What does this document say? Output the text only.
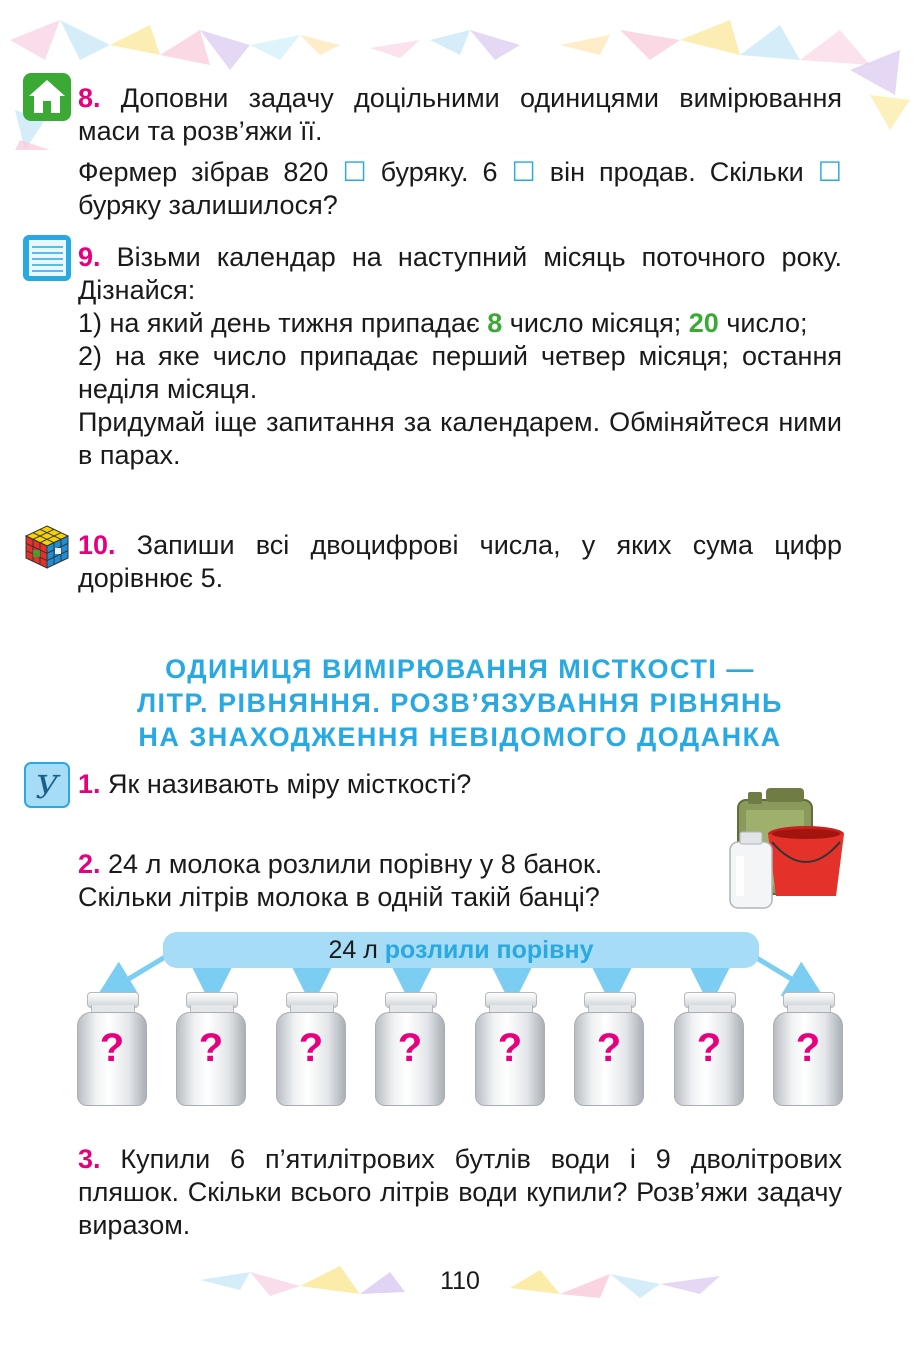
8. Доповни задачу доцільними одиницями вимірювання маси та розв’яжи її.

Фермер зібрав 820 ☐ буряку. 6 ☐ він продав. Скільки ☐ буряку залишилося?

9. Візьми календар на наступний місяць поточного року. Дізнайся:

1) на який день тижня припадає 8 число місяця; 20 число;

2) на яке число припадає перший четвер місяця; остання неділя місяця.

Придумай іще запитання за календарем. Обміняйтеся ними в парах.

10. Запиши всі двоцифрові числа, у яких сума цифр дорівнює 5.

ОДИНИЦЯ ВИМІРЮВАННЯ МІСТКОСТІ —
ЛІТР. РІВНЯННЯ. РОЗВ’ЯЗУВАННЯ РІВНЯНЬ
НА ЗНАХОДЖЕННЯ НЕВІДОМОГО ДОДАНКА
У 1. Як називають міру місткості?

2. 24 л молока розлили порівну у 8 банок.

Скільки літрів молока в одній такій банці?

24 л розлили порівну
?	?	?	?	?	?	?	?

3. Купили 6 п’ятилітрових бутлів води і 9 дволітрових пляшок. Скільки всього літрів води купили? Розв’яжи задачу виразом.

110
